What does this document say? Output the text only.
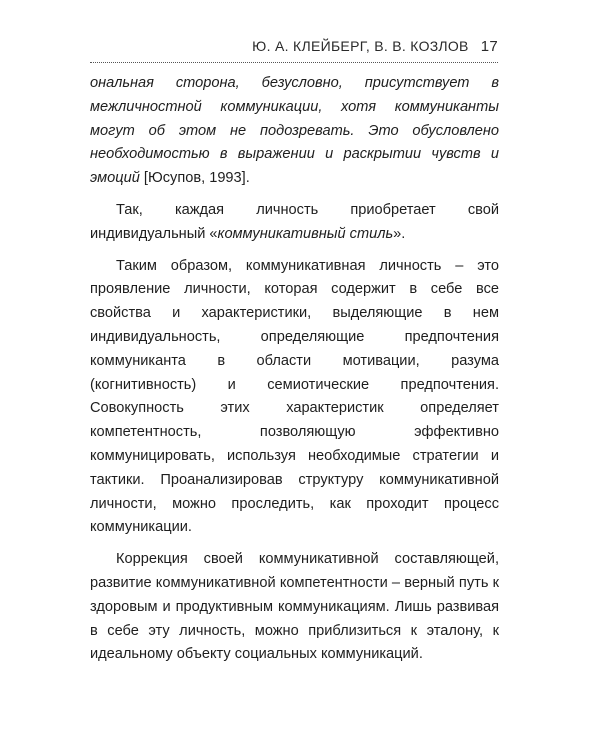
Ю. А. КЛЕЙБЕРГ, В. В. КОЗЛОВ 17

ональная сторона, безусловно, присутствует в межличностной коммуникации, хотя коммуниканты могут об этом не подозревать. Это обусловлено необходимостью в выражении и раскрытии чувств и эмоций [Юсупов, 1993].

Так, каждая личность приобретает свой индивидуальный «коммуникативный стиль».

Таким образом, коммуникативная личность – это проявление личности, которая содержит в себе все свойства и характеристики, выделяющие в нем индивидуальность, определяющие предпочтения коммуниканта в области мотивации, разума (когнитивность) и семиотические предпочтения. Совокупность этих характеристик определяет компетентность, позволяющую эффективно коммуницировать, используя необходимые стратегии и тактики. Проанализировав структуру коммуникативной личности, можно проследить, как проходит процесс коммуникации.

Коррекция своей коммуникативной составляющей, развитие коммуникативной компетентности – верный путь к здоровым и продуктивным коммуникациям. Лишь развивая в себе эту личность, можно приблизиться к эталону, к идеальному объекту социальных коммуникаций.
